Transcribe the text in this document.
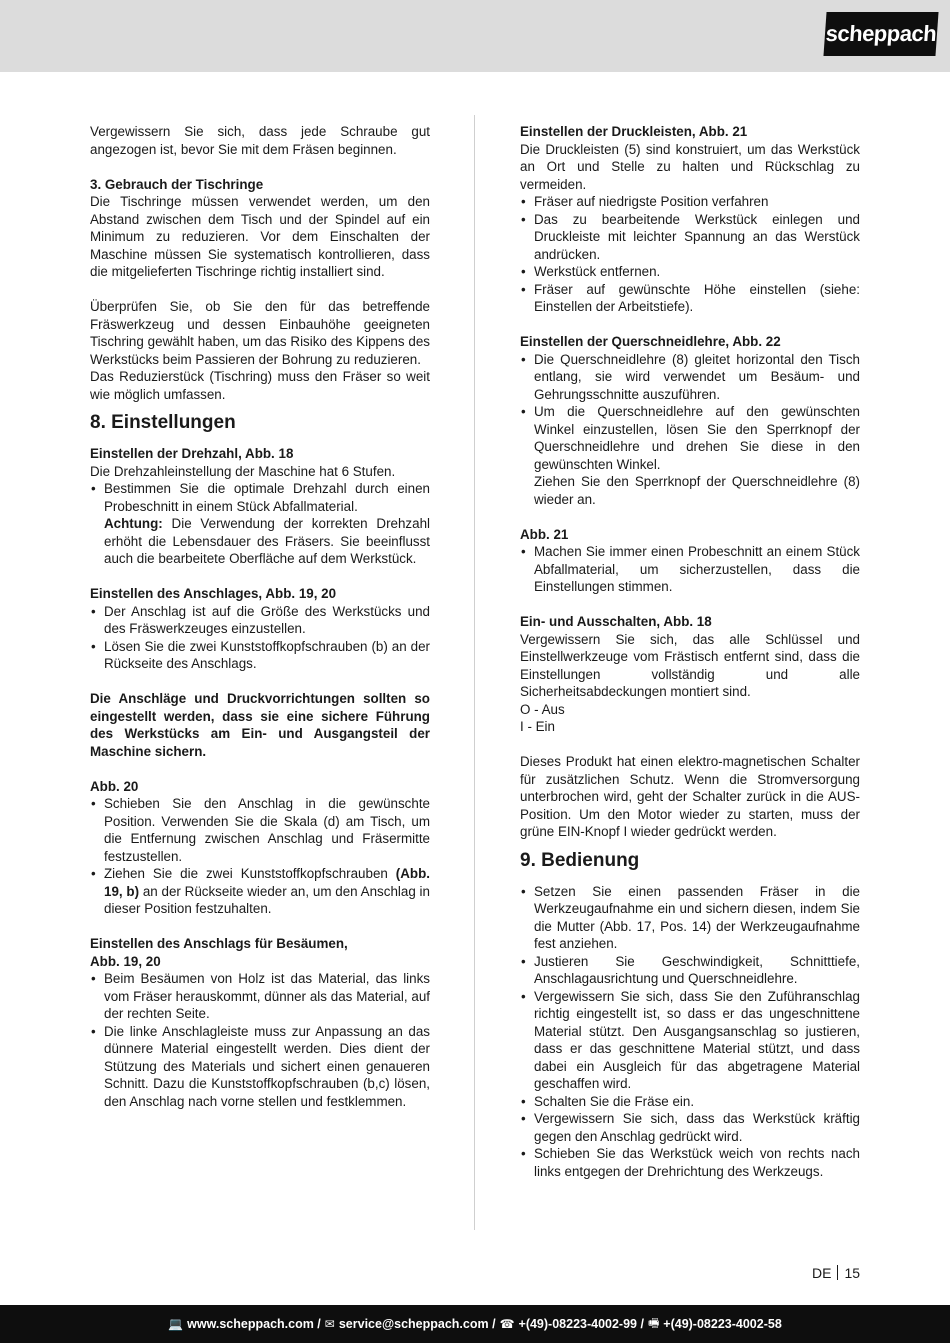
scheppach

Vergewissern Sie sich, dass jede Schraube gut angezogen ist, bevor Sie mit dem Fräsen beginnen.

3. Gebrauch der Tischringe

Die Tischringe müssen verwendet werden, um den Abstand zwischen dem Tisch und der Spindel auf ein Minimum zu reduzieren. Vor dem Einschalten der Maschine müssen Sie systematisch kontrollieren, dass die mitgelieferten Tischringe richtig installiert sind.

Überprüfen Sie, ob Sie den für das betreffende Fräswerkzeug und dessen Einbauhöhe geeigneten Tischring gewählt haben, um das Risiko des Kippens des Werkstücks beim Passieren der Bohrung zu reduzieren.

Das Reduzierstück (Tischring) muss den Fräser so weit wie möglich umfassen.

8. Einstellungen

Einstellen der Drehzahl, Abb. 18

Die Drehzahleinstellung der Maschine hat 6 Stufen.

• Bestimmen Sie die optimale Drehzahl durch einen Probeschnitt in einem Stück Abfallmaterial.
Achtung: Die Verwendung der korrekten Drehzahl erhöht die Lebensdauer des Fräsers. Sie beeinflusst auch die bearbeitete Oberfläche auf dem Werkstück.

Einstellen des Anschlages, Abb. 19, 20

• Der Anschlag ist auf die Größe des Werkstücks und des Fräswerkzeuges einzustellen.
• Lösen Sie die zwei Kunststoffkopfschrauben (b) an der Rückseite des Anschlags.

Die Anschläge und Druckvorrichtungen sollten so eingestellt werden, dass sie eine sichere Führung des Werkstücks am Ein- und Ausgangsteil der Maschine sichern.

Abb. 20

• Schieben Sie den Anschlag in die gewünschte Position. Verwenden Sie die Skala (d) am Tisch, um die Entfernung zwischen Anschlag und Fräsermitte festzustellen.
• Ziehen Sie die zwei Kunststoffkopfschrauben (Abb. 19, b) an der Rückseite wieder an, um den Anschlag in dieser Position festzuhalten.

Einstellen des Anschlags für Besäumen,

Abb. 19, 20

• Beim Besäumen von Holz ist das Material, das links vom Fräser herauskommt, dünner als das Material, auf der rechten Seite.
• Die linke Anschlagleiste muss zur Anpassung an das dünnere Material eingestellt werden. Dies dient der Stützung des Materials und sichert einen genaueren Schnitt. Dazu die Kunststoffkopfschrauben (b,c) lösen, den Anschlag nach vorne stellen und festklemmen.

Einstellen der Druckleisten, Abb. 21

Die Druckleisten (5) sind konstruiert, um das Werkstück an Ort und Stelle zu halten und Rückschlag zu vermeiden.

• Fräser auf niedrigste Position verfahren
• Das zu bearbeitende Werkstück einlegen und Druckleiste mit leichter Spannung an das Werstück andrücken.
• Werkstück entfernen.
• Fräser auf gewünschte Höhe einstellen (siehe: Einstellen der Arbeitstiefe).

Einstellen der Querschneidlehre, Abb. 22

• Die Querschneidlehre (8) gleitet horizontal den Tisch entlang, sie wird verwendet um Besäum- und Gehrungsschnitte auszuführen.
• Um die Querschneidlehre auf den gewünschten Winkel einzustellen, lösen Sie den Sperrknopf der Querschneidlehre und drehen Sie diese in den gewünschten Winkel.
Ziehen Sie den Sperrknopf der Querschneidlehre (8) wieder an.

Abb. 21

• Machen Sie immer einen Probeschnitt an einem Stück Abfallmaterial, um sicherzustellen, dass die Einstellungen stimmen.

Ein- und Ausschalten, Abb. 18

Vergewissern Sie sich, das alle Schlüssel und Einstellwerkzeuge vom Frästisch entfernt sind, dass die Einstellungen vollständig und alle Sicherheitsabdeckungen montiert sind.

O - Aus

I - Ein

Dieses Produkt hat einen elektro-magnetischen Schalter für zusätzlichen Schutz. Wenn die Stromversorgung unterbrochen wird, geht der Schalter zurück in die AUS-Position. Um den Motor wieder zu starten, muss der grüne EIN-Knopf I wieder gedrückt werden.

9. Bedienung
• Setzen Sie einen passenden Fräser in die Werkzeugaufnahme ein und sichern diesen, indem Sie die Mutter (Abb. 17, Pos. 14) der Werkzeugaufnahme fest anziehen.
• Justieren Sie Geschwindigkeit, Schnitttiefe, Anschlagausrichtung und Querschneidlehre.
• Vergewissern Sie sich, dass Sie den Zuführanschlag richtig eingestellt ist, so dass er das ungeschnittene Material stützt. Den Ausgangsanschlag so justieren, dass er das geschnittene Material stützt, und dass dabei ein Ausgleich für das abgetragene Material geschaffen wird.
• Schalten Sie die Fräse ein.
• Vergewissern Sie sich, dass das Werkstück kräftig gegen den Anschlag gedrückt wird.
• Schieben Sie das Werkstück weich von rechts nach links entgegen der Drehrichtung des Werkzeugs.
DE 15
💻 www.scheppach.com / ✉ service@scheppach.com / ☎ +(49)-08223-4002-99 / 🖷 +(49)-08223-4002-58
